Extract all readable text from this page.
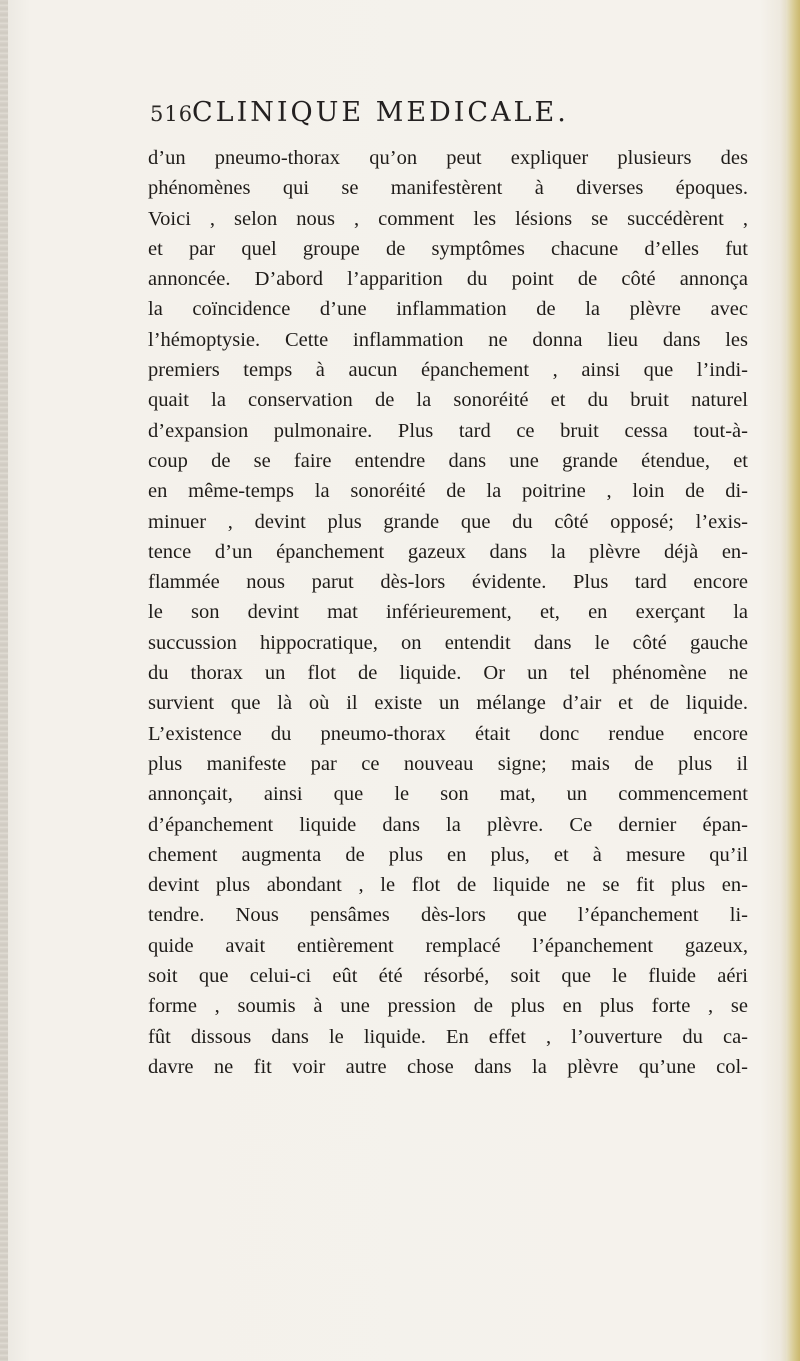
516
CLINIQUE MEDICALE.
d’un pneumo-thorax qu’on peut expliquer plusieurs des
phénomènes qui se manifestèrent à diverses époques.
Voici , selon nous , comment les lésions se succédèrent ,
et par quel groupe de symptômes chacune d’elles fut
annoncée. D’abord l’apparition du point de côté annonça
la coïncidence d’une inflammation de la plèvre avec
l’hémoptysie. Cette inflammation ne donna lieu dans les
premiers temps à aucun épanchement , ainsi que l’indi-
quait la conservation de la sonoréité et du bruit naturel
d’expansion pulmonaire. Plus tard ce bruit cessa tout-à-
coup de se faire entendre dans une grande étendue, et
en même-temps la sonoréité de la poitrine , loin de di-
minuer , devint plus grande que du côté opposé; l’exis-
tence d’un épanchement gazeux dans la plèvre déjà en-
flammée nous parut dès-lors évidente. Plus tard encore
le son devint mat inférieurement, et, en exerçant la
succussion hippocratique, on entendit dans le côté gauche
du thorax un flot de liquide. Or un tel phénomène ne
survient que là où il existe un mélange d’air et de liquide.
L’existence du pneumo-thorax était donc rendue encore
plus manifeste par ce nouveau signe; mais de plus il
annonçait, ainsi que le son mat, un commencement
d’épanchement liquide dans la plèvre. Ce dernier épan-
chement augmenta de plus en plus, et à mesure qu’il
devint plus abondant , le flot de liquide ne se fit plus en-
tendre. Nous pensâmes dès-lors que l’épanchement li-
quide avait entièrement remplacé l’épanchement gazeux,
soit que celui-ci eût été résorbé, soit que le fluide aéri
forme , soumis à une pression de plus en plus forte , se
fût dissous dans le liquide. En effet , l’ouverture du ca-
davre ne fit voir autre chose dans la plèvre qu’une col-
